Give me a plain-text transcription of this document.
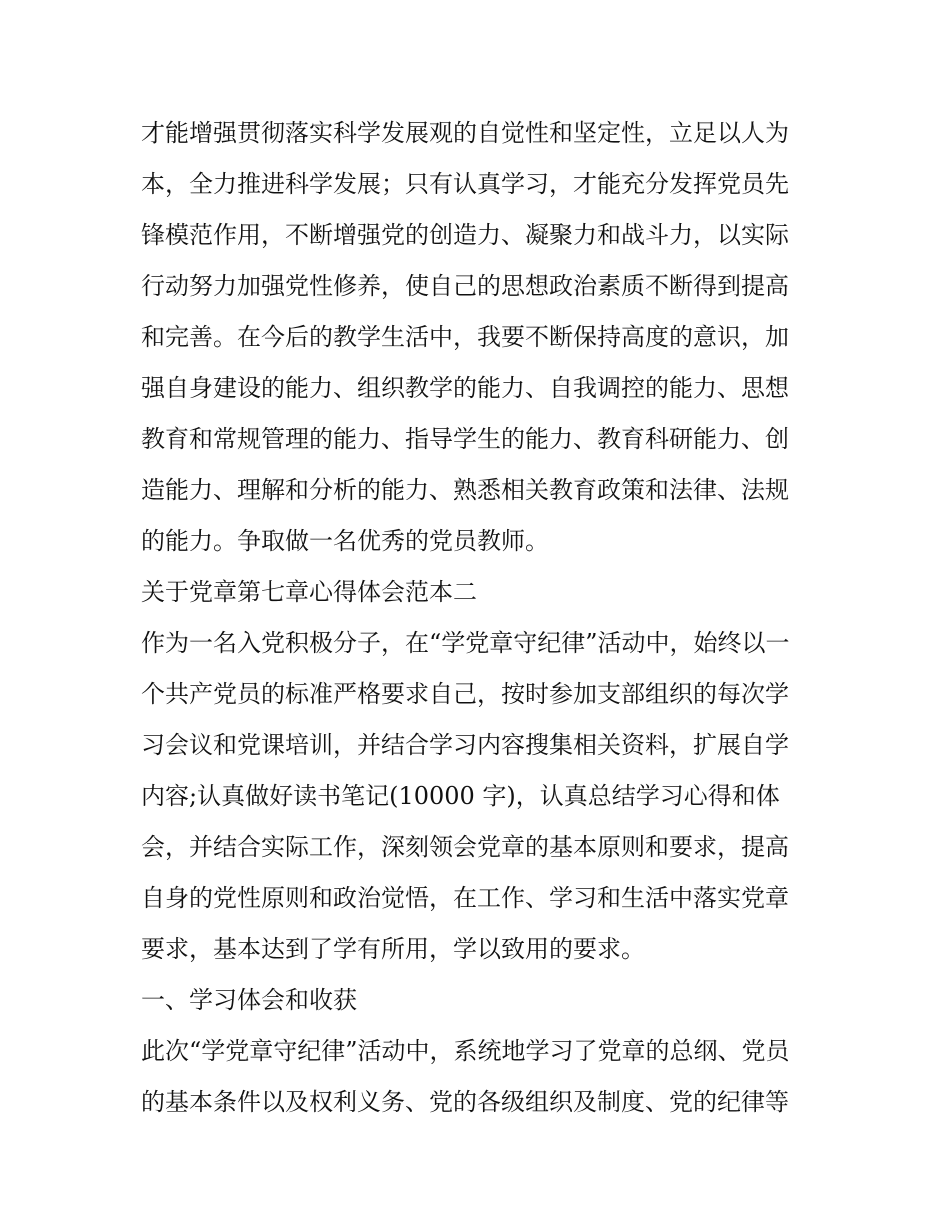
才能增强贯彻落实科学发展观的自觉性和坚定性，立足以人为
本，全力推进科学发展；只有认真学习，才能充分发挥党员先
锋模范作用，不断增强党的创造力、凝聚力和战斗力，以实际
行动努力加强党性修养，使自己的思想政治素质不断得到提高
和完善。在今后的教学生活中，我要不断保持高度的意识，加
强自身建设的能力、组织教学的能力、自我调控的能力、思想
教育和常规管理的能力、指导学生的能力、教育科研能力、创
造能力、理解和分析的能力、熟悉相关教育政策和法律、法规
的能力。争取做一名优秀的党员教师。
关于党章第七章心得体会范本二
作为一名入党积极分子，在“学党章守纪律”活动中，始终以一
个共产党员的标准严格要求自己，按时参加支部组织的每次学
习会议和党课培训，并结合学习内容搜集相关资料，扩展自学
内容;认真做好读书笔记(10000 字)，认真总结学习心得和体
会，并结合实际工作，深刻领会党章的基本原则和要求，提高
自身的党性原则和政治觉悟，在工作、学习和生活中落实党章
要求，基本达到了学有所用，学以致用的要求。
一、学习体会和收获
此次“学党章守纪律”活动中，系统地学习了党章的总纲、党员
的基本条件以及权利义务、党的各级组织及制度、党的纪律等
